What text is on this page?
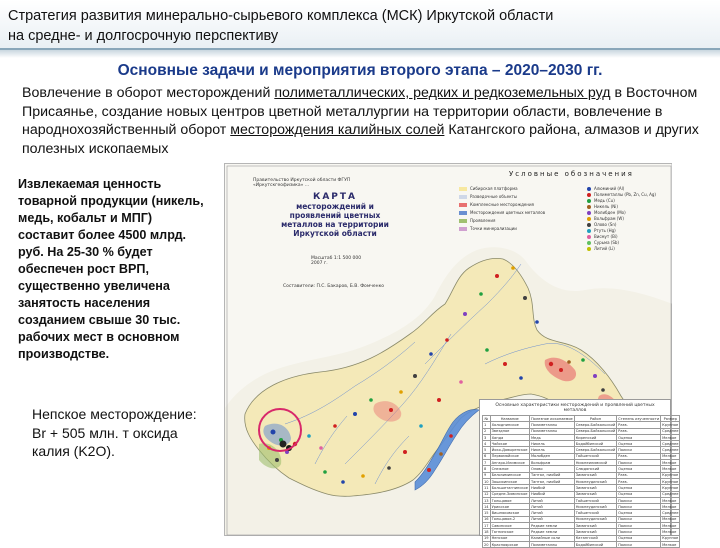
Стратегия развития минерально-сырьевого комплекса (МСК) Иркутской области
на средне- и долгосрочную перспективу
Основные задачи и мероприятия второго этапа – 2020–2030 гг.
Вовлечение в оборот месторождений полиметаллических, редких и редкоземельных руд в Восточном Присаянье, создание новых центров цветной металлургии на территории области, вовлечение в народнохозяйственный оборот месторождения калийных солей Катангского района, алмазов и других полезных ископаемых
Извлекаемая ценность товарной продукции (никель, медь, кобальт и МПГ) составит более 4500 млрд. руб. На 25-30 % будет обеспечен рост ВРП, существенно увеличена занятость населения созданием свыше 30 тыс. рабочих мест в основном производстве.
Непское месторождение: Br + 505 млн. т оксида калия (K2O).
Правительство Иркутской области ФГУП «Иркутскгеофизика» ...
КАРТА
месторождений и проявлений цветных металлов на территории Иркутской области
Масштаб 1:1 500 000
2007 г.
Составители: П.С. Бакаров, Б.В. Фомченко
Условные обозначения
Сибирская платформа
Разведочные объекты
Комплексные месторождения
Месторождения цветных металлов
Проявления
Точки минерализации
Алюминий (Al)
Полиметаллы (Pb, Zn, Cu, Ag)
Медь (Cu)
Никель (Ni)
Молибден (Mo)
Вольфрам (W)
Олово (Sn)
Ртуть (Hg)
Висмут (Bi)
Сурьма (Sb)
Литий (Li)
Основные характеристики месторождений и проявлений цветных металлов
№	Название	Полезное ископаемое	Район	Степень изученности	Размер
1	Холоднинское	Полиметаллы	Северо-Байкальский	Разв.	Крупное
2	Звездное	Полиметаллы	Северо-Байкальский	Разв.	Среднее
3	Ханда	Медь	Киренский	Оценка	Мелкое
4	Чайское	Никель	Бодайбинский	Оценка	Среднее
5	Йоко-Довыренское	Никель	Северо-Байкальский	Поиски	Среднее
6	Первомайское	Молибден	Тайшетский	Разв.	Мелкое
7	Ангаро-Илимское	Вольфрам	Нижнеилимский	Поиски	Мелкое
8	Снежное	Олово	Слюдянский	Оценка	Мелкое
9	Белозиминское	Тантал, ниобий	Зиминский	Разв.	Крупное
10	Зашихинское	Тантал, ниобий	Нижнеудинский	Разв.	Крупное
11	Большетагнинское	Ниобий	Зиминский	Оценка	Крупное
12	Средне-Зиминское	Ниобий	Зиминский	Оценка	Среднее
13	Гольцовое	Литий	Тайшетский	Поиски	Мелкое
14	Урикское	Литий	Нижнеудинский	Поиски	Мелкое
15	Вишняковское	Литий	Тайшетский	Оценка	Среднее
16	Гольцовое-2	Литий	Нижнеудинский	Поиски	Мелкое
17	Савинское	Редкие земли	Зиминский	Поиски	Мелкое
18	Тагнинское	Редкие земли	Зиминский	Поиски	Мелкое
19	Непское	Калийные соли	Катангский	Оценка	Крупное
20	Красноярское	Полиметаллы	Бодайбинский	Поиски	Мелкое
